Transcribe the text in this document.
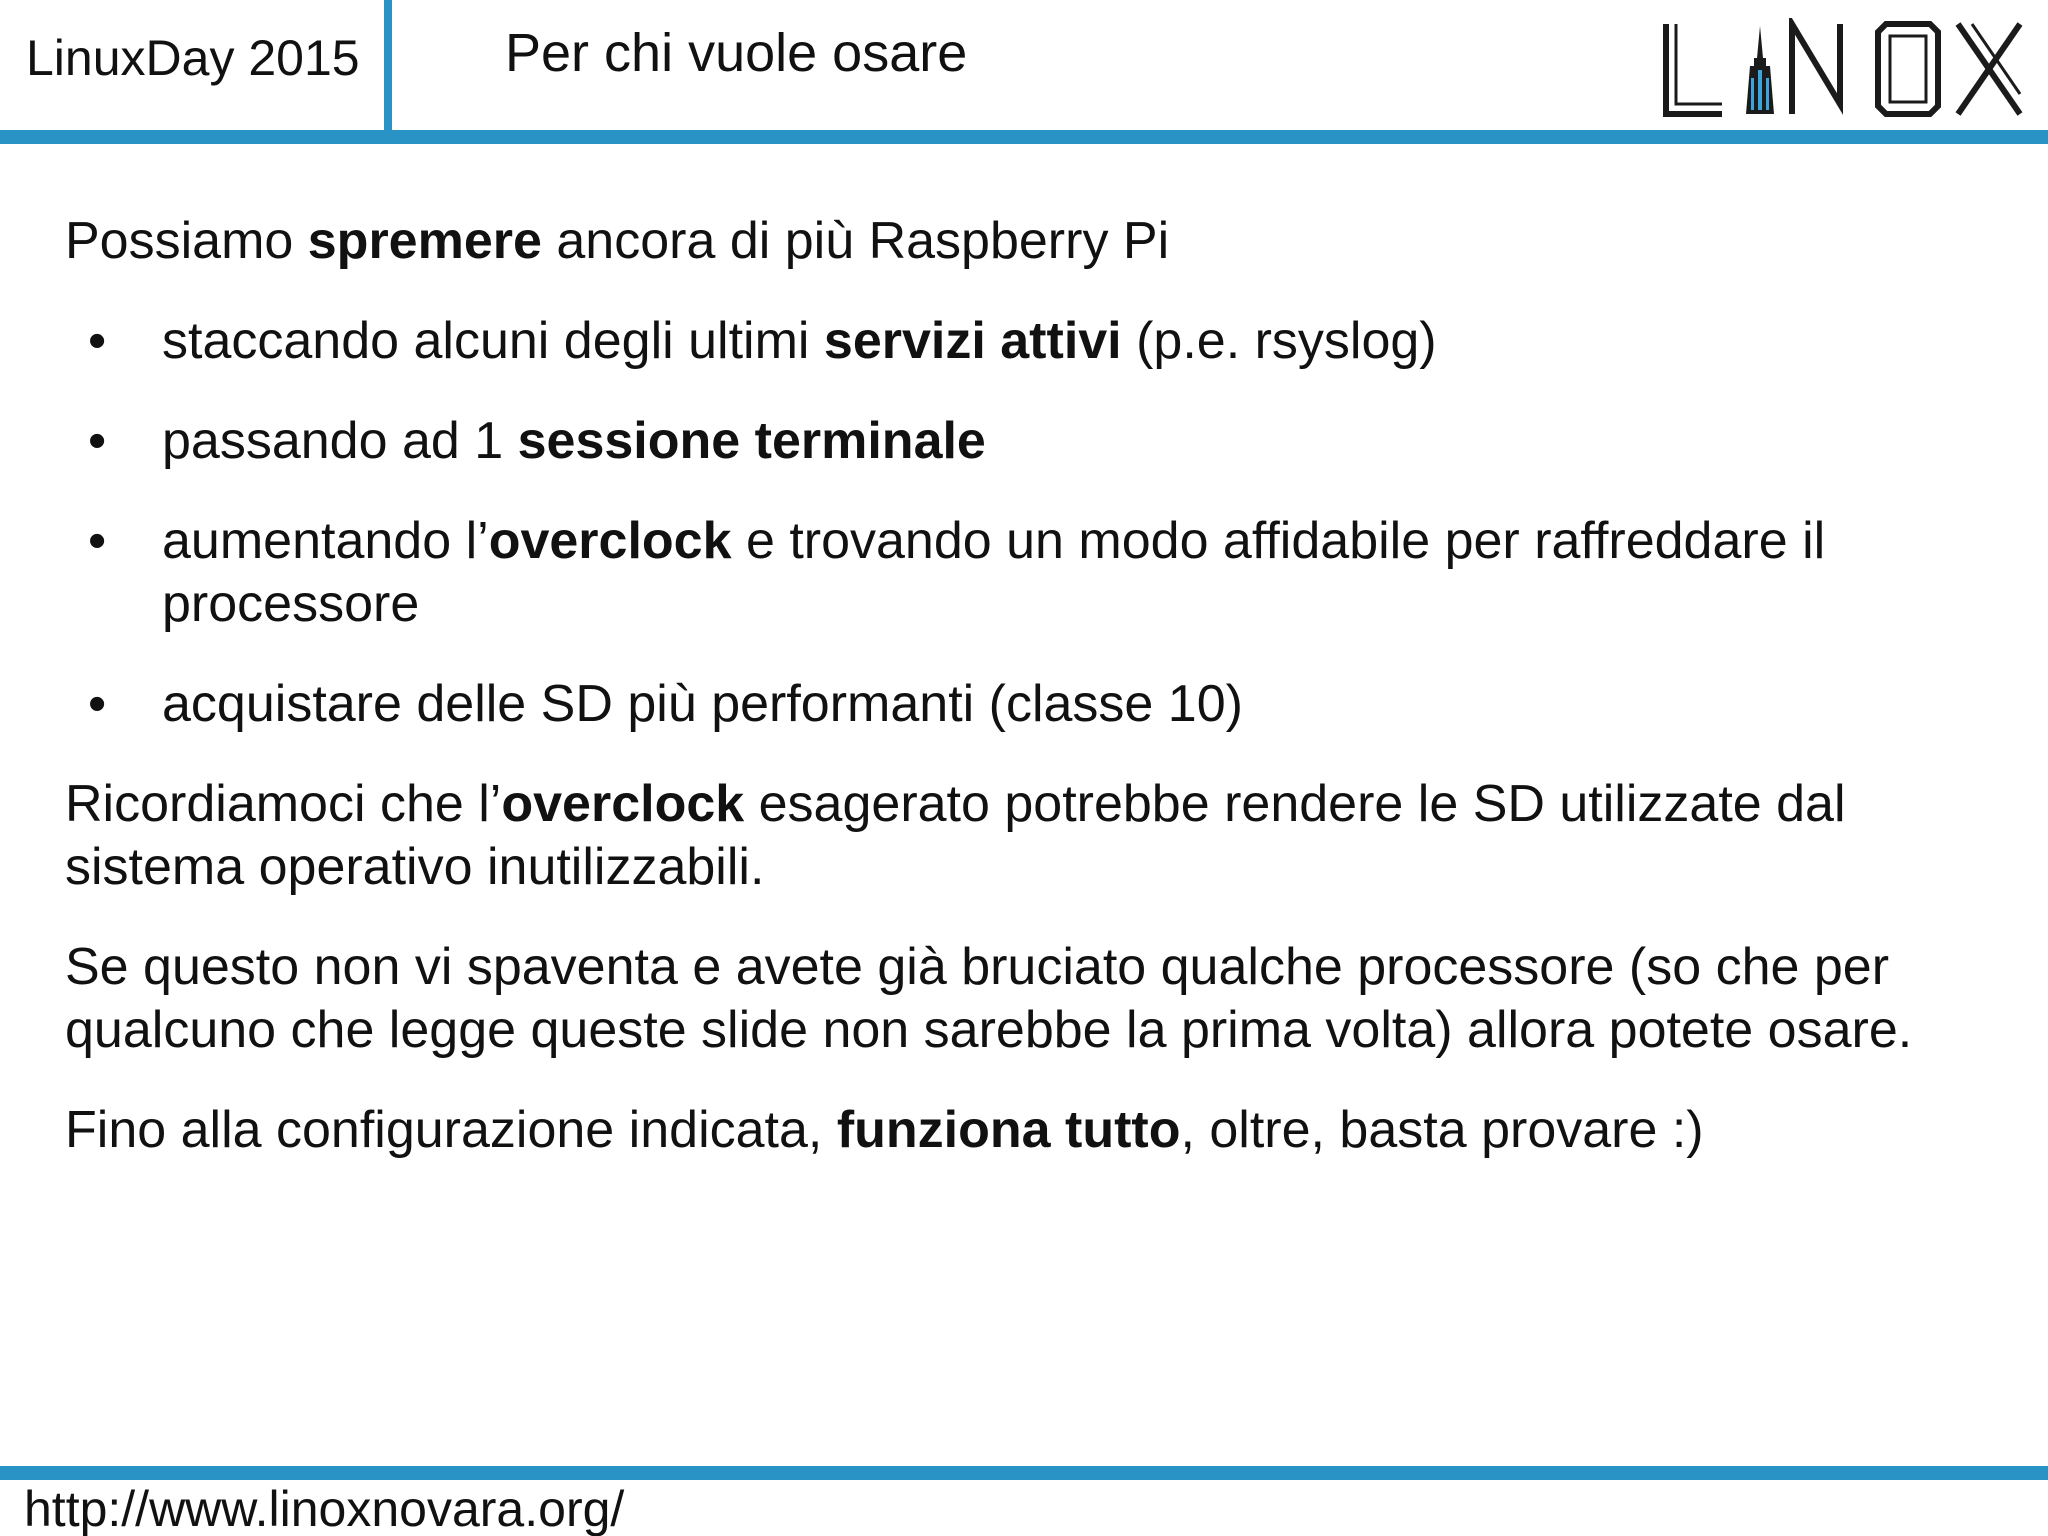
LinuxDay 2015	Per chi vuole osare

Possiamo spremere ancora di più Raspberry Pi

• staccando alcuni degli ultimi servizi attivi (p.e. rsyslog)
• passando ad 1 sessione terminale
• aumentando l’overclock e trovando un modo affidabile per raffreddare il processore
• acquistare delle SD più performanti (classe 10)

Ricordiamoci che l’overclock esagerato potrebbe rendere le SD utilizzate dal sistema operativo inutilizzabili.

Se questo non vi spaventa e avete già bruciato qualche processore (so che per qualcuno che legge queste slide non sarebbe la prima volta) allora potete osare.

Fino alla configurazione indicata, funziona tutto, oltre, basta provare :)

http://www.linoxnovara.org/
